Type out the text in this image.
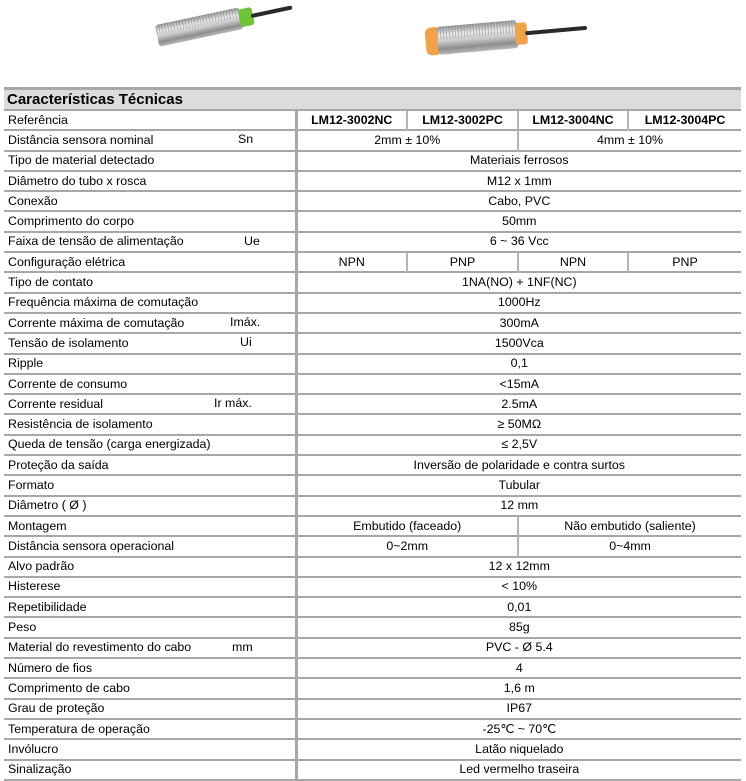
Características Técnicas				
Referência	LM12-3002NC	LM12-3002PC	LM12-3004NC	LM12-3004PC
Distância sensora nominal Sn	2mm ± 10%		4mm ± 10%	
Tipo de material detectado	Materiais ferrosos			
Diâmetro do tubo x rosca	M12 x 1mm			
Conexão	Cabo, PVC			
Comprimento do corpo	50mm			
Faixa de tensão de alimentação Ue	6 ~ 36 Vcc			
Configuração elétrica	NPN	PNP	NPN	PNP
Tipo de contato	1NA(NO) + 1NF(NC)			
Frequência máxima de comutação	1000Hz			
Corrente máxima de comutação Imáx.	300mA			
Tensão de isolamento Ui	1500Vca			
Ripple	0,1			
Corrente de consumo	<15mA			
Corrente residual Ir máx.	2.5mA			
Resistência de isolamento	≥ 50MΩ			
Queda de tensão (carga energizada)	≤ 2,5V			
Proteção da saída	Inversão de polaridade e contra surtos			
Formato	Tubular			
Diâmetro ( Ø )	12 mm			
Montagem	Embutido (faceado)		Não embutido (saliente)	
Distância sensora operacional	0~2mm		0~4mm	
Alvo padrão	12 x 12mm			
Histerese	< 10%			
Repetibilidade	0,01			
Peso	85g			
Material do revestimento do cabo mm	PVC - Ø 5.4			
Número de fios	4			
Comprimento de cabo	1,6 m			
Grau de proteção	IP67			
Temperatura de operação	-25℃ ~ 70℃			
Invólucro	Latão niquelado			
Sinalização	Led vermelho traseira			
